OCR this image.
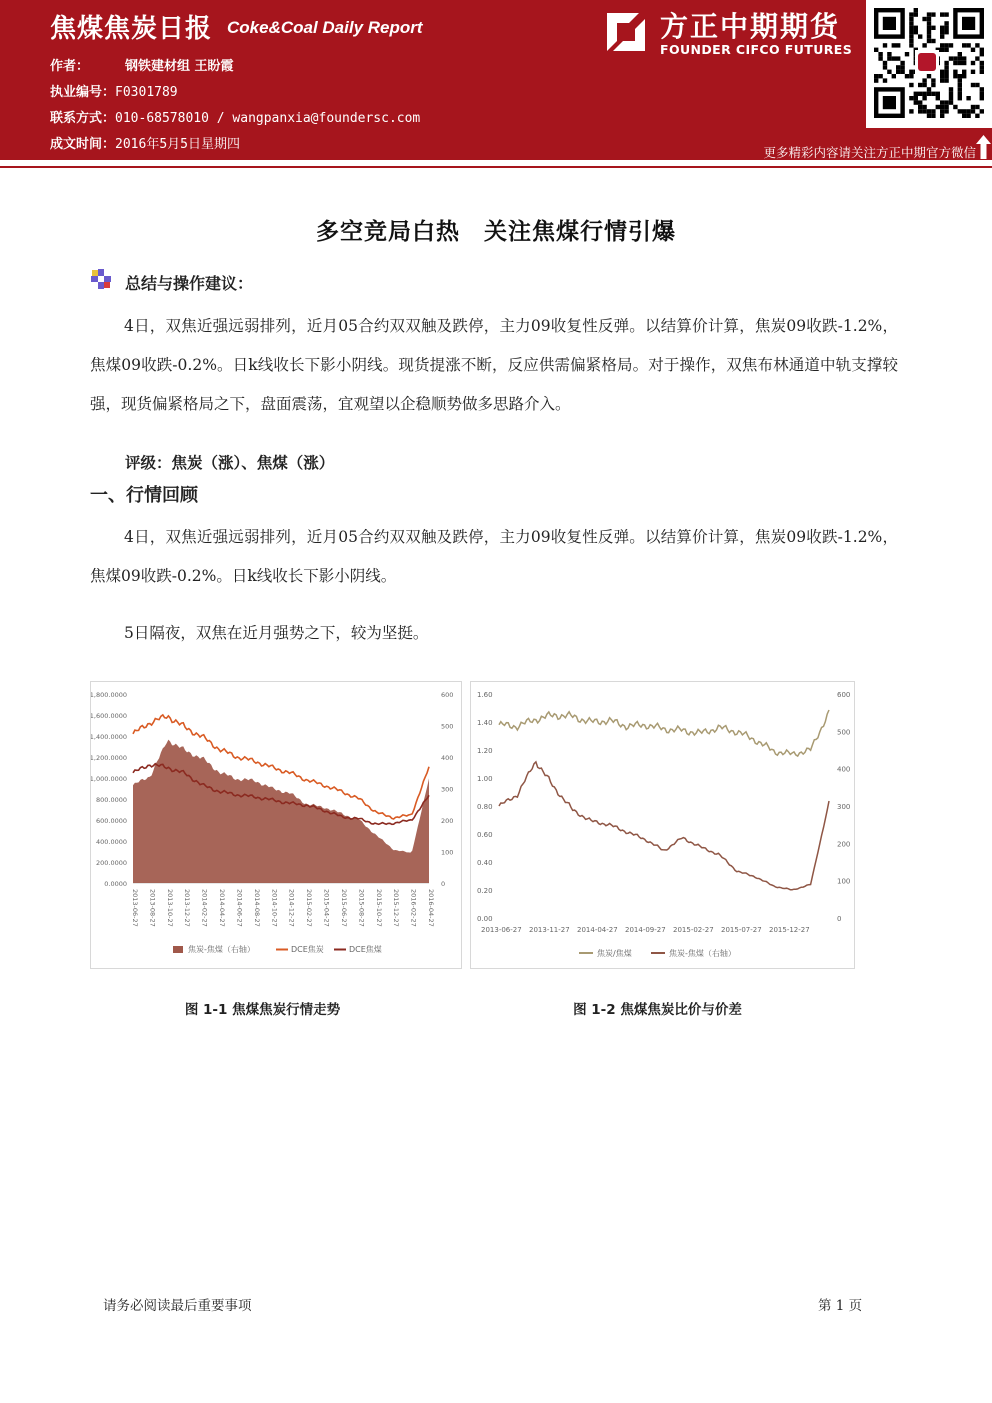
焦煤焦炭日报 Coke&Coal Daily Report
作者：	钢铁建材组 王盼霞
执业编号：F0301789
联系方式：010-68578010 / wangpanxia@foundersc.com
成文时间：2016年5月5日星期四
方正中期期货
FOUNDER CIFCO FUTURES
更多精彩内容请关注方正中期官方微信
多空竞局白热　关注焦煤行情引爆
总结与操作建议：
4日，双焦近强远弱排列，近月05合约双双触及跌停，主力09收复性反弹。以结算价计算，焦炭09收跌-1.2%，焦煤09收跌-0.2%。日k线收长下影小阴线。现货提涨不断，反应供需偏紧格局。对于操作，双焦布林通道中轨支撑较强，现货偏紧格局之下，盘面震荡，宜观望以企稳顺势做多思路介入。
评级：焦炭（涨）、焦煤（涨）
一、行情回顾
4日，双焦近强远弱排列，近月05合约双双触及跌停，主力09收复性反弹。以结算价计算，焦炭09收跌-1.2%，焦煤09收跌-0.2%。日k线收长下影小阴线。
5日隔夜，双焦在近月强势之下，较为坚挺。
1,800.0000
1,600.0000
1,400.0000
1,200.0000
1,000.0000
800.0000
600.0000
400.0000
200.0000
0.0000
600
500
400
300
200
100
0
2013-06-27 2013-08-27 2013-10-27 2013-12-27 2014-02-27 2014-04-27 2014-06-27 2014-08-27 2014-10-27 2014-12-27 2015-02-27 2015-04-27 2015-06-27 2015-08-27 2015-10-27 2015-12-27 2016-02-27 2016-04-27
焦炭-焦煤（右轴）	DCE焦炭	DCE焦煤
图 1-1 焦煤焦炭行情走势
1.60
1.40
1.20
1.00
0.80
0.60
0.40
0.20
0.00
600
500
400
300
200
100
0
2013-06-27 2013-11-27 2014-04-27 2014-09-27 2015-02-27 2015-07-27 2015-12-27
焦炭/焦煤	焦炭-焦煤（右轴）
图 1-2 焦煤焦炭比价与价差
请务必阅读最后重要事项	第 1 页
